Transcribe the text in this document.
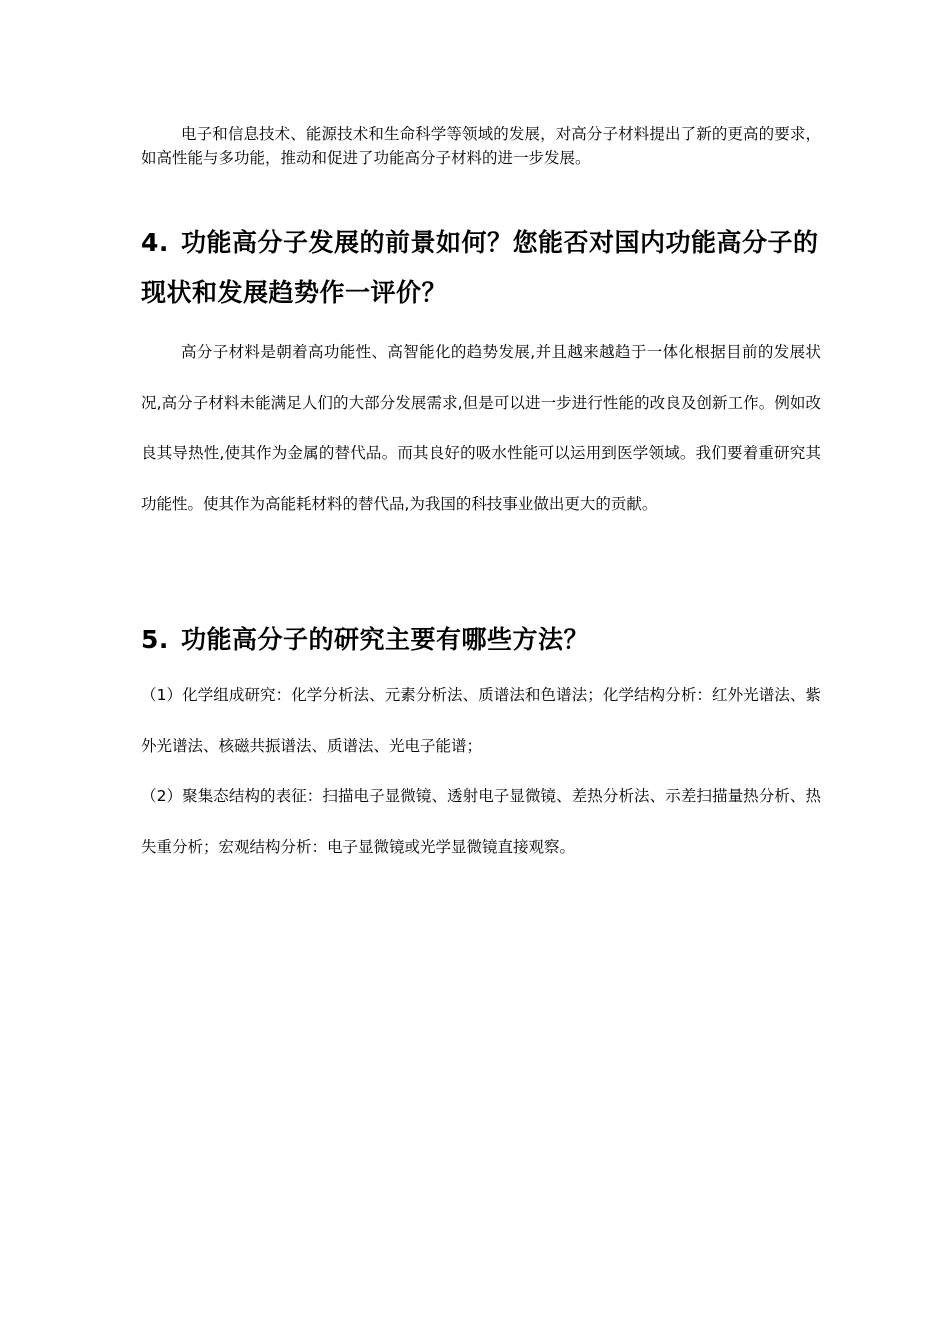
电子和信息技术、能源技术和生命科学等领域的发展，对高分子材料提出了新的更高的要求，如高性能与多功能，推动和促进了功能高分子材料的进一步发展。

4. 功能高分子发展的前景如何？您能否对国内功能高分子的现状和发展趋势作一评价？

高分子材料是朝着高功能性、高智能化的趋势发展,并且越来越趋于一体化根据目前的发展状况,高分子材料未能满足人们的大部分发展需求,但是可以进一步进行性能的改良及创新工作。例如改良其导热性,使其作为金属的替代品。而其良好的吸水性能可以运用到医学领域。我们要着重研究其功能性。使其作为高能耗材料的替代品,为我国的科技事业做出更大的贡献。

5. 功能高分子的研究主要有哪些方法？

（1）化学组成研究：化学分析法、元素分析法、质谱法和色谱法；化学结构分析：红外光谱法、紫外光谱法、核磁共振谱法、质谱法、光电子能谱；

（2）聚集态结构的表征：扫描电子显微镜、透射电子显微镜、差热分析法、示差扫描量热分析、热失重分析；宏观结构分析：电子显微镜或光学显微镜直接观察。
